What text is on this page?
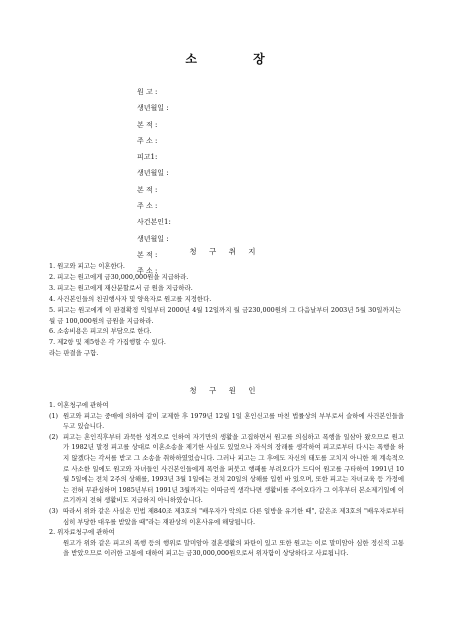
소 장
원 고 :
생년월일 :
본 적 :
주 소 :
피고1:
생년월일 :
본 적 :
주 소 :
사건본인1:
생년월일 :
본 적 :
주 소 :
청 구 취 지
1. 원고와 피고는 이혼한다.
2. 피고는 원고에게 금30,000,000원을 지급하라.
3. 피고는 원고에게 재산분할로서 금 원을 지급하라.
4. 사건본인들의 친권행사자 및 양육자로 원고를 지정한다.
5. 피고는 원고에게 이 판결확정 익일부터 2000년 4월 12일까지 월 금230,000원의 그 다음날부터 2003년 5월 30일까지는 월 금 100,000원의 금원을 지급하라.
6. 소송비용은 피고의 부담으로 한다.
7. 제2항 및 제5항은 각 가집행할 수 있다.
라는 판결을 구함.
청 구 원 인
1. 이혼청구에 관하여
(1) 원고와 피고는 중매에 의하여 같이 교제한 후 1979년 12월 1일 혼인신고를 마친 법률상의 부부로서 슬하에 사건본인들을 두고 있습니다.
(2) 피고는 혼인직후부터 과묵한 성격으로 인하여 자기만의 생활을 고집하면서 원고를 의심하고 폭행을 일삼아 왔으므로 원고가 1982년 말경 피고를 상대로 이혼소송을 제기한 사실도 있었으나 자식의 장래를 생각하여 피고로부터 다시는 폭행을 하지 않겠다는 각서를 받고 그 소송을 취하하였었습니다. 그러나 피고는 그 후에도 자신의 태도를 고치지 아니한 채 계속적으로 사소한 일에도 원고와 자녀들인 사건본인들에게 폭언을 퍼붓고 행패를 부려오다가 드디어 원고를 구타하여 1991년 10월 5일에는 전치 2주의 상해를, 1993년 3월 1일에는 전치 20일의 상해를 입힌 바 있으며, 또한 피고는 자녀교육 등 가정에는 전혀 무관심하며 1985년부터 1991년 3월까지는 이따금씩 생각나면 생활비를 주어오다가 그 이후부터 본소제기일에 이르기까지 전혀 생활비도 지급하지 아니하였습니다.
(3) 따라서 위와 같은 사실은 민법 제840조 제3호의 "배우자가 악의로 다른 일방을 유기한 때", 같은조 제3호의 "배우자로부터 심히 부당한 대우를 받았을 때"라는 재판상의 이혼사유에 해당됩니다.
2. 위자료청구에 관하여
원고가 위와 같은 피고의 폭행 등의 행위로 말미암아 결혼생활의 파탄이 있고 또한 원고는 이로 말미암아 심한 정신적 고통을 받았으므로 이러한 고통에 대하여 피고는 금30,000,000원으로서 위자함이 상당하다고 사료됩니다.
